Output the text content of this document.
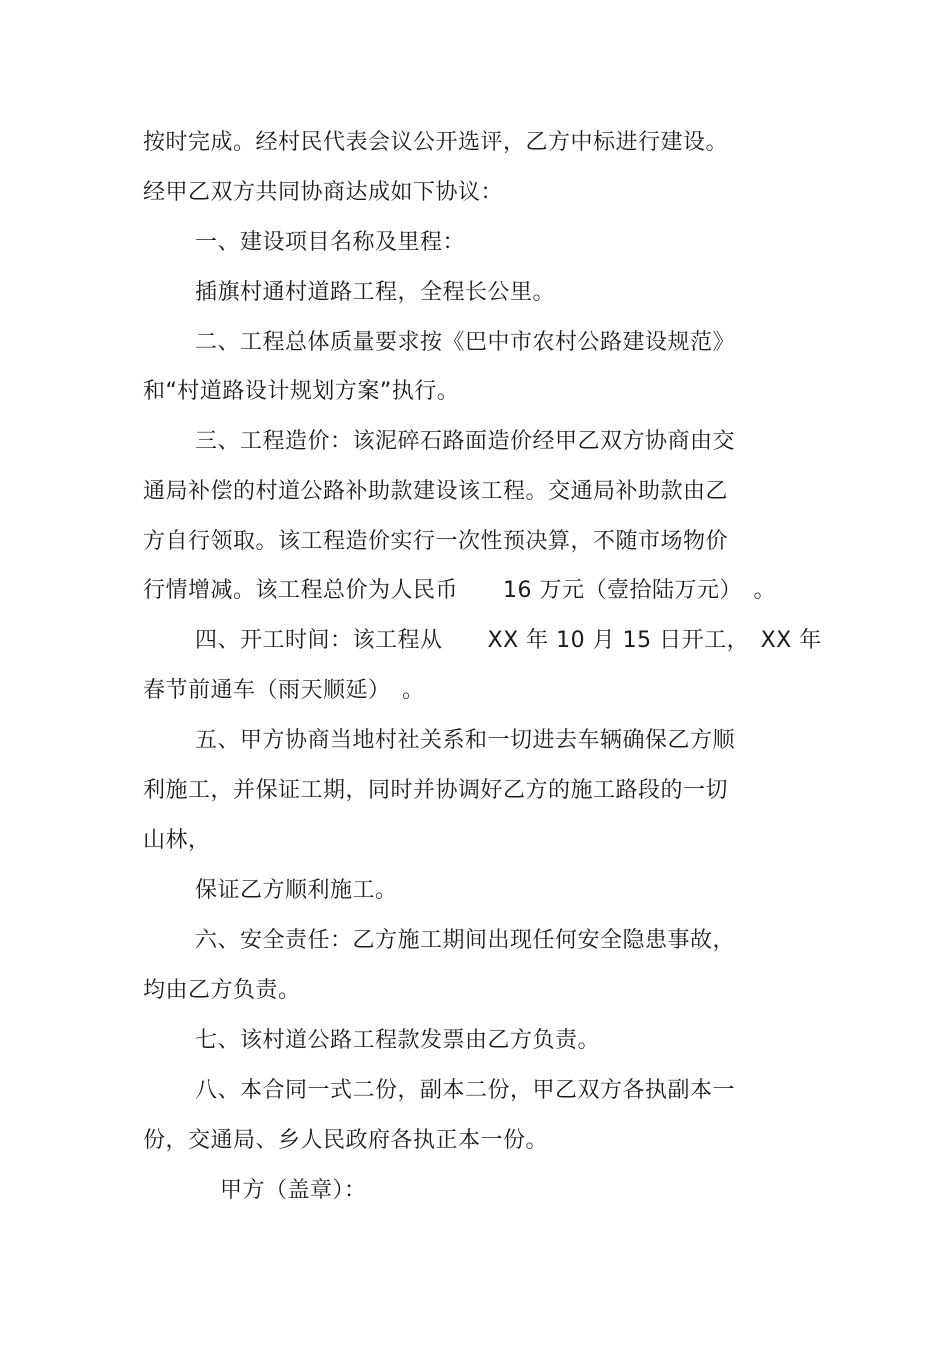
按时完成。经村民代表会议公开选评，乙方中标进行建设。
经甲乙双方共同协商达成如下协议：
一、建设项目名称及里程：
插旗村通村道路工程，全程长公里。
二、工程总体质量要求按《巴中市农村公路建设规范》
和“村道路设计规划方案”执行。
三、工程造价：该泥碎石路面造价经甲乙双方协商由交
通局补偿的村道公路补助款建设该工程。交通局补助款由乙
方自行领取。该工程造价实行一次性预决算，不随市场物价
行情增减。该工程总价为人民币　　16 万元（壹拾陆万元）　。
四、开工时间：该工程从　　XX 年 10 月 15 日开工，　XX 年
春节前通车（雨天顺延）　。
五、甲方协商当地村社关系和一切进去车辆确保乙方顺
利施工，并保证工期，同时并协调好乙方的施工路段的一切
山林，
保证乙方顺利施工。
六、安全责任：乙方施工期间出现任何安全隐患事故，
均由乙方负责。
七、该村道公路工程款发票由乙方负责。
八、本合同一式二份，副本二份，甲乙双方各执副本一
份，交通局、乡人民政府各执正本一份。
甲方（盖章）：
